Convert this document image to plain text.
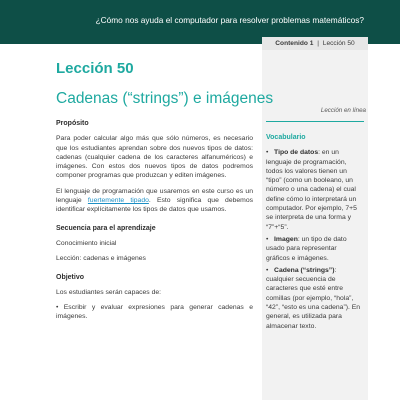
¿Cómo nos ayuda el computador para resolver problemas matemáticos?
Contenido 1 | Lección 50
Lección 50
Cadenas (“strings”) e imágenes
Lección en línea
Propósito

Para poder calcular algo más que sólo números, es necesario que los estudiantes aprendan sobre dos nuevos tipos de datos: cadenas (cualquier cadena de los caracteres alfanuméricos) e imágenes. Con estos dos nuevos tipos de datos podremos componer programas que produzcan y editen imágenes.

El lenguaje de programación que usaremos en este curso es un lenguaje fuertemente tipado. Esto significa que debemos identificar explícitamente los tipos de datos que usamos.

Secuencia para el aprendizaje

Conocimiento inicial

Lección: cadenas e imágenes

Objetivo

Los estudiantes serán capaces de:

• Escribir y evaluar expresiones para generar cadenas e imágenes.

Vocabulario
•   Tipo de datos: en un lenguaje de programación, todos los valores tienen un “tipo” (como un booleano, un número o una cadena) el cual define cómo lo interpretará un computador. Por ejemplo, 7+5 se interpreta de una forma y “7”+“5”.
•   Imagen: un tipo de dato usado para representar gráficos e imágenes.
•   Cadena (“strings”): cualquier secuencia de caracteres que esté entre comillas (por ejemplo, “hola”, “42”, “esto es una cadena”). En general, es utilizada para almacenar texto.
